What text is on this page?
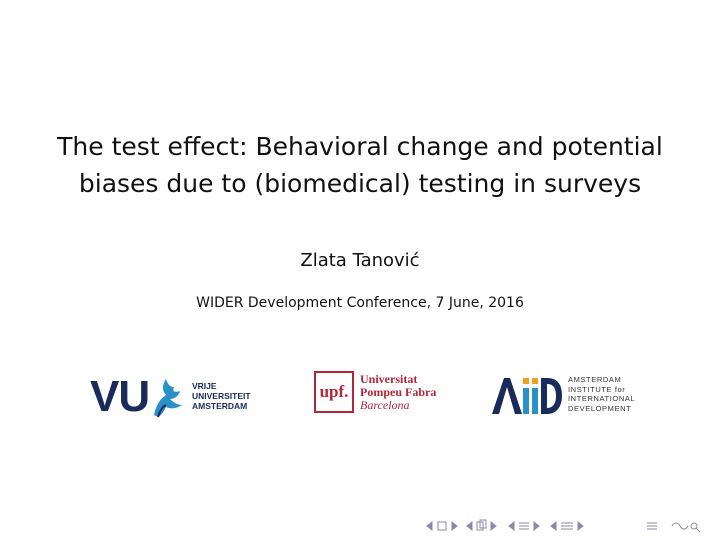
The test effect: Behavioral change and potential
biases due to (biomedical) testing in surveys
Zlata Tanović
WIDER Development Conference, 7 June, 2016
VU	VRIJE
UNIVERSITEIT
AMSTERDAM
upf.
Universitat
Pompeu Fabra
Barcelona
AMSTERDAM
INSTITUTE for
INTERNATIONAL
DEVELOPMENT
